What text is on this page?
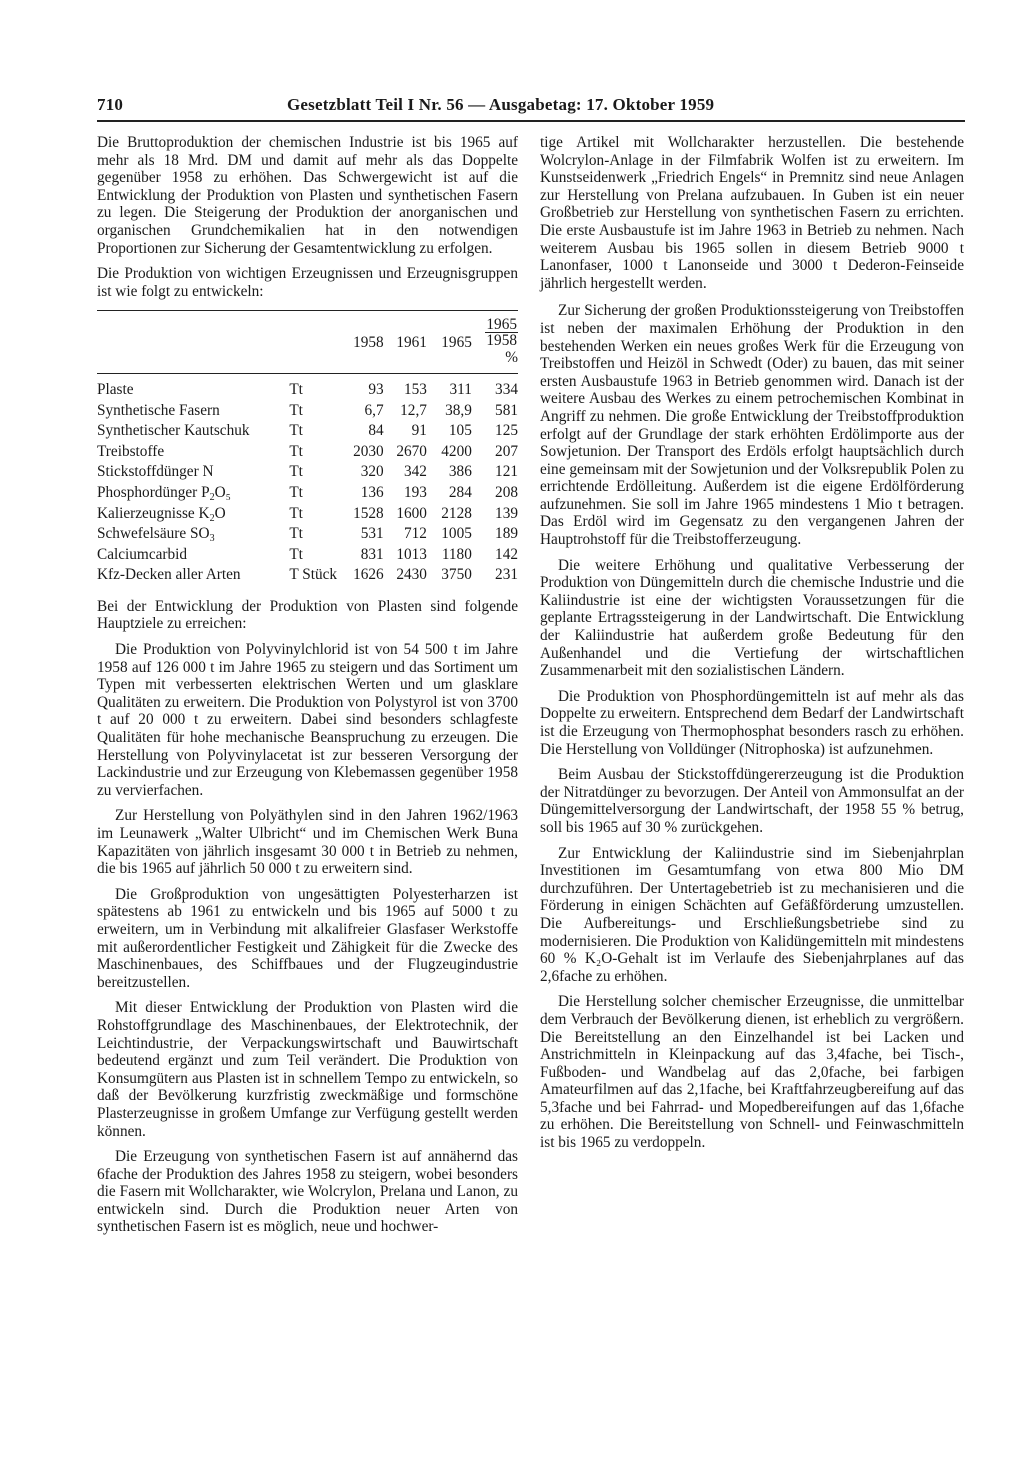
710	Gesetzblatt Teil I Nr. 56 — Ausgabetag: 17. Oktober 1959

Die Bruttoproduktion der chemischen Industrie ist bis 1965 auf mehr als 18 Mrd. DM und damit auf mehr als das Doppelte gegenüber 1958 zu erhöhen. Das Schwergewicht ist auf die Entwicklung der Produktion von Plasten und synthetischen Fasern zu legen. Die Steigerung der Produktion der anorganischen und organischen Grundchemikalien hat in den notwendigen Proportionen zur Sicherung der Gesamtentwicklung zu erfolgen.

Die Produktion von wichtigen Erzeugnissen und Erzeugnisgruppen ist wie folgt zu entwickeln:

		1958	1961	1965	$\frac{1965}{1958}$
%
Plaste	Tt	93	153	311	334
Synthetische Fasern	Tt	6,7	12,7	38,9	581
Synthetischer Kautschuk	Tt	84	91	105	125
Treibstoffe	Tt	2030	2670	4200	207
Stickstoffdünger N	Tt	320	342	386	121
Phosphordünger $P_2O_5$	Tt	136	193	284	208
Kalierzeugnisse $K_2O$	Tt	1528	1600	2128	139
Schwefelsäure $SO_3$	Tt	531	712	1005	189
Calciumcarbid	Tt	831	1013	1180	142
Kfz-Decken aller Arten	T Stück	1626	2430	3750	231

Bei der Entwicklung der Produktion von Plasten sind folgende Hauptziele zu erreichen:

Die Produktion von Polyvinylchlorid ist von 54 500 t im Jahre 1958 auf 126 000 t im Jahre 1965 zu steigern und das Sortiment um Typen mit verbesserten elektrischen Werten und um glasklare Qualitäten zu erweitern. Die Produktion von Polystyrol ist von 3700 t auf 20 000 t zu erweitern. Dabei sind besonders schlagfeste Qualitäten für hohe mechanische Beanspruchung zu erzeugen. Die Herstellung von Polyvinylacetat ist zur besseren Versorgung der Lackindustrie und zur Erzeugung von Klebemassen gegenüber 1958 zu vervierfachen.

Zur Herstellung von Polyäthylen sind in den Jahren 1962/1963 im Leunawerk „Walter Ulbricht“ und im Chemischen Werk Buna Kapazitäten von jährlich insgesamt 30 000 t in Betrieb zu nehmen, die bis 1965 auf jährlich 50 000 t zu erweitern sind.

Die Großproduktion von ungesättigten Polyesterharzen ist spätestens ab 1961 zu entwickeln und bis 1965 auf 5000 t zu erweitern, um in Verbindung mit alkalifreier Glasfaser Werkstoffe mit außerordentlicher Festigkeit und Zähigkeit für die Zwecke des Maschinenbaues, des Schiffbaues und der Flugzeugindustrie bereitzustellen.

Mit dieser Entwicklung der Produktion von Plasten wird die Rohstoffgrundlage des Maschinenbaues, der Elektrotechnik, der Leichtindustrie, der Verpackungswirtschaft und Bauwirtschaft bedeutend ergänzt und zum Teil verändert. Die Produktion von Konsumgütern aus Plasten ist in schnellem Tempo zu entwickeln, so daß der Bevölkerung kurzfristig zweckmäßige und formschöne Plasterzeugnisse in großem Umfange zur Verfügung gestellt werden können.

Die Erzeugung von synthetischen Fasern ist auf annähernd das 6fache der Produktion des Jahres 1958 zu steigern, wobei besonders die Fasern mit Wollcharakter, wie Wolcrylon, Prelana und Lanon, zu entwickeln sind. Durch die Produktion neuer Arten von synthetischen Fasern ist es möglich, neue und hochwer-

tige Artikel mit Wollcharakter herzustellen. Die bestehende Wolcrylon-Anlage in der Filmfabrik Wolfen ist zu erweitern. Im Kunstseidenwerk „Friedrich Engels“ in Premnitz sind neue Anlagen zur Herstellung von Prelana aufzubauen. In Guben ist ein neuer Großbetrieb zur Herstellung von synthetischen Fasern zu errichten. Die erste Ausbaustufe ist im Jahre 1963 in Betrieb zu nehmen. Nach weiterem Ausbau bis 1965 sollen in diesem Betrieb 9000 t Lanonfaser, 1000 t Lanonseide und 3000 t Dederon-Feinseide jährlich hergestellt werden.

Zur Sicherung der großen Produktionssteigerung von Treibstoffen ist neben der maximalen Erhöhung der Produktion in den bestehenden Werken ein neues großes Werk für die Erzeugung von Treibstoffen und Heizöl in Schwedt (Oder) zu bauen, das mit seiner ersten Ausbaustufe 1963 in Betrieb genommen wird. Danach ist der weitere Ausbau des Werkes zu einem petrochemischen Kombinat in Angriff zu nehmen. Die große Entwicklung der Treibstoffproduktion erfolgt auf der Grundlage der stark erhöhten Erdölimporte aus der Sowjetunion. Der Transport des Erdöls erfolgt hauptsächlich durch eine gemeinsam mit der Sowjetunion und der Volksrepublik Polen zu errichtende Erdölleitung. Außerdem ist die eigene Erdölförderung aufzunehmen. Sie soll im Jahre 1965 mindestens 1 Mio t betragen. Das Erdöl wird im Gegensatz zu den vergangenen Jahren der Hauptrohstoff für die Treibstofferzeugung.

Die weitere Erhöhung und qualitative Verbesserung der Produktion von Düngemitteln durch die chemische Industrie und die Kaliindustrie ist eine der wichtigsten Voraussetzungen für die geplante Ertragssteigerung in der Landwirtschaft. Die Entwicklung der Kaliindustrie hat außerdem große Bedeutung für den Außenhandel und die Vertiefung der wirtschaftlichen Zusammenarbeit mit den sozialistischen Ländern.

Die Produktion von Phosphordüngemitteln ist auf mehr als das Doppelte zu erweitern. Entsprechend dem Bedarf der Landwirtschaft ist die Erzeugung von Thermophosphat besonders rasch zu erhöhen. Die Herstellung von Volldünger (Nitrophoska) ist aufzunehmen.

Beim Ausbau der Stickstoffdüngererzeugung ist die Produktion der Nitratdünger zu bevorzugen. Der Anteil von Ammonsulfat an der Düngemittelversorgung der Landwirtschaft, der 1958 55 % betrug, soll bis 1965 auf 30 % zurückgehen.

Zur Entwicklung der Kaliindustrie sind im Siebenjahrplan Investitionen im Gesamtumfang von etwa 800 Mio DM durchzuführen. Der Untertagebetrieb ist zu mechanisieren und die Förderung in einigen Schächten auf Gefäßförderung umzustellen. Die Aufbereitungs- und Erschließungsbetriebe sind zu modernisieren. Die Produktion von Kalidüngemitteln mit mindestens 60 % K₂O-Gehalt ist im Verlaufe des Siebenjahrplanes auf das 2,6fache zu erhöhen.

Die Herstellung solcher chemischer Erzeugnisse, die unmittelbar dem Verbrauch der Bevölkerung dienen, ist erheblich zu vergrößern. Die Bereitstellung an den Einzelhandel ist bei Lacken und Anstrichmitteln in Kleinpackung auf das 3,4fache, bei Tisch-, Fußboden- und Wandbelag auf das 2,0fache, bei farbigen Amateurfilmen auf das 2,1fache, bei Kraftfahrzeugbereifung auf das 5,3fache und bei Fahrrad- und Mopedbereifungen auf das 1,6fache zu erhöhen. Die Bereitstellung von Schnell- und Feinwaschmitteln ist bis 1965 zu verdoppeln.
